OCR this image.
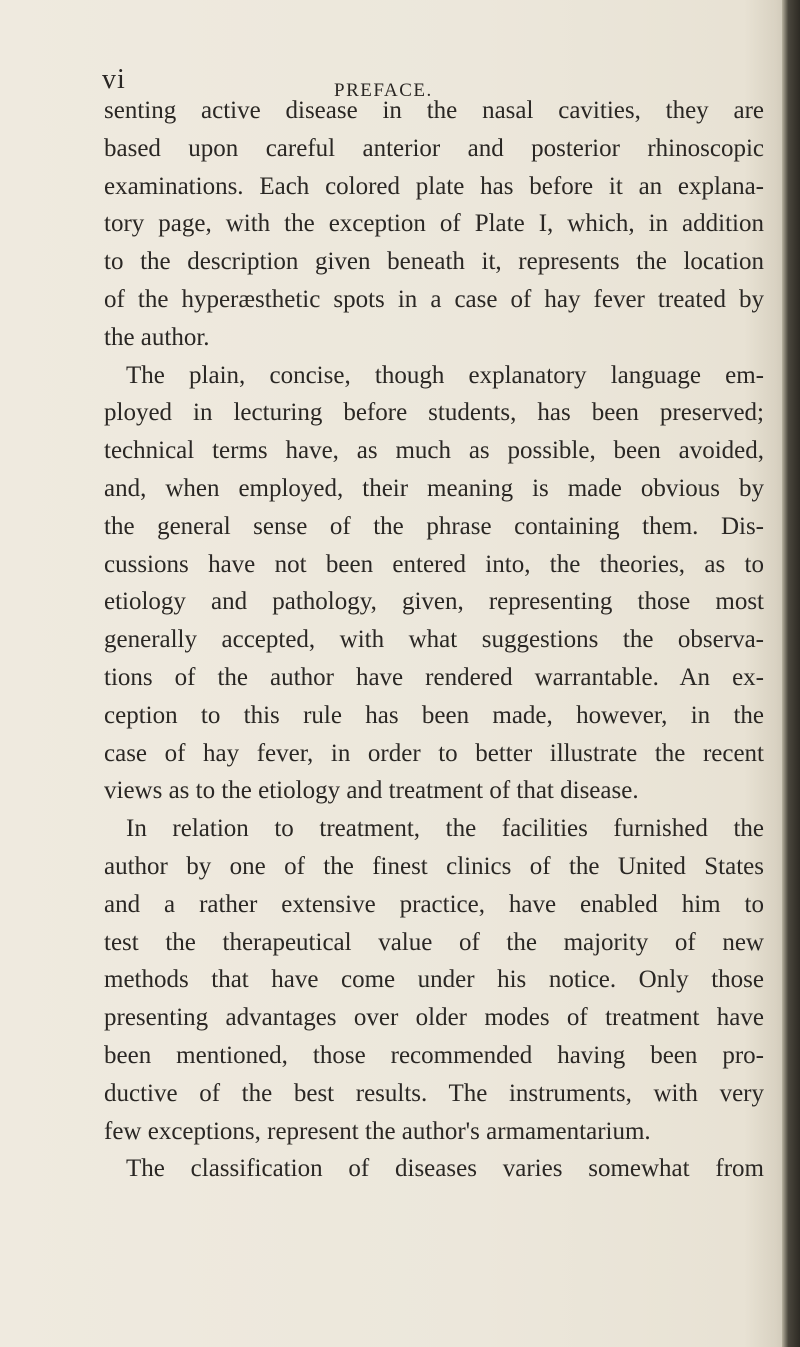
vi	PREFACE.
senting active disease in the nasal cavities, they are
based upon careful anterior and posterior rhinoscopic
examinations. Each colored plate has before it an explana-
tory page, with the exception of Plate I, which, in addition
to the description given beneath it, represents the location
of the hyperæsthetic spots in a case of hay fever treated by
the author.
The plain, concise, though explanatory language em-
ployed in lecturing before students, has been preserved;
technical terms have, as much as possible, been avoided,
and, when employed, their meaning is made obvious by
the general sense of the phrase containing them. Dis-
cussions have not been entered into, the theories, as to
etiology and pathology, given, representing those most
generally accepted, with what suggestions the observa-
tions of the author have rendered warrantable. An ex-
ception to this rule has been made, however, in the
case of hay fever, in order to better illustrate the recent
views as to the etiology and treatment of that disease.
In relation to treatment, the facilities furnished the
author by one of the finest clinics of the United States
and a rather extensive practice, have enabled him to
test the therapeutical value of the majority of new
methods that have come under his notice. Only those
presenting advantages over older modes of treatment have
been mentioned, those recommended having been pro-
ductive of the best results. The instruments, with very
few exceptions, represent the author's armamentarium.
The classification of diseases varies somewhat from
